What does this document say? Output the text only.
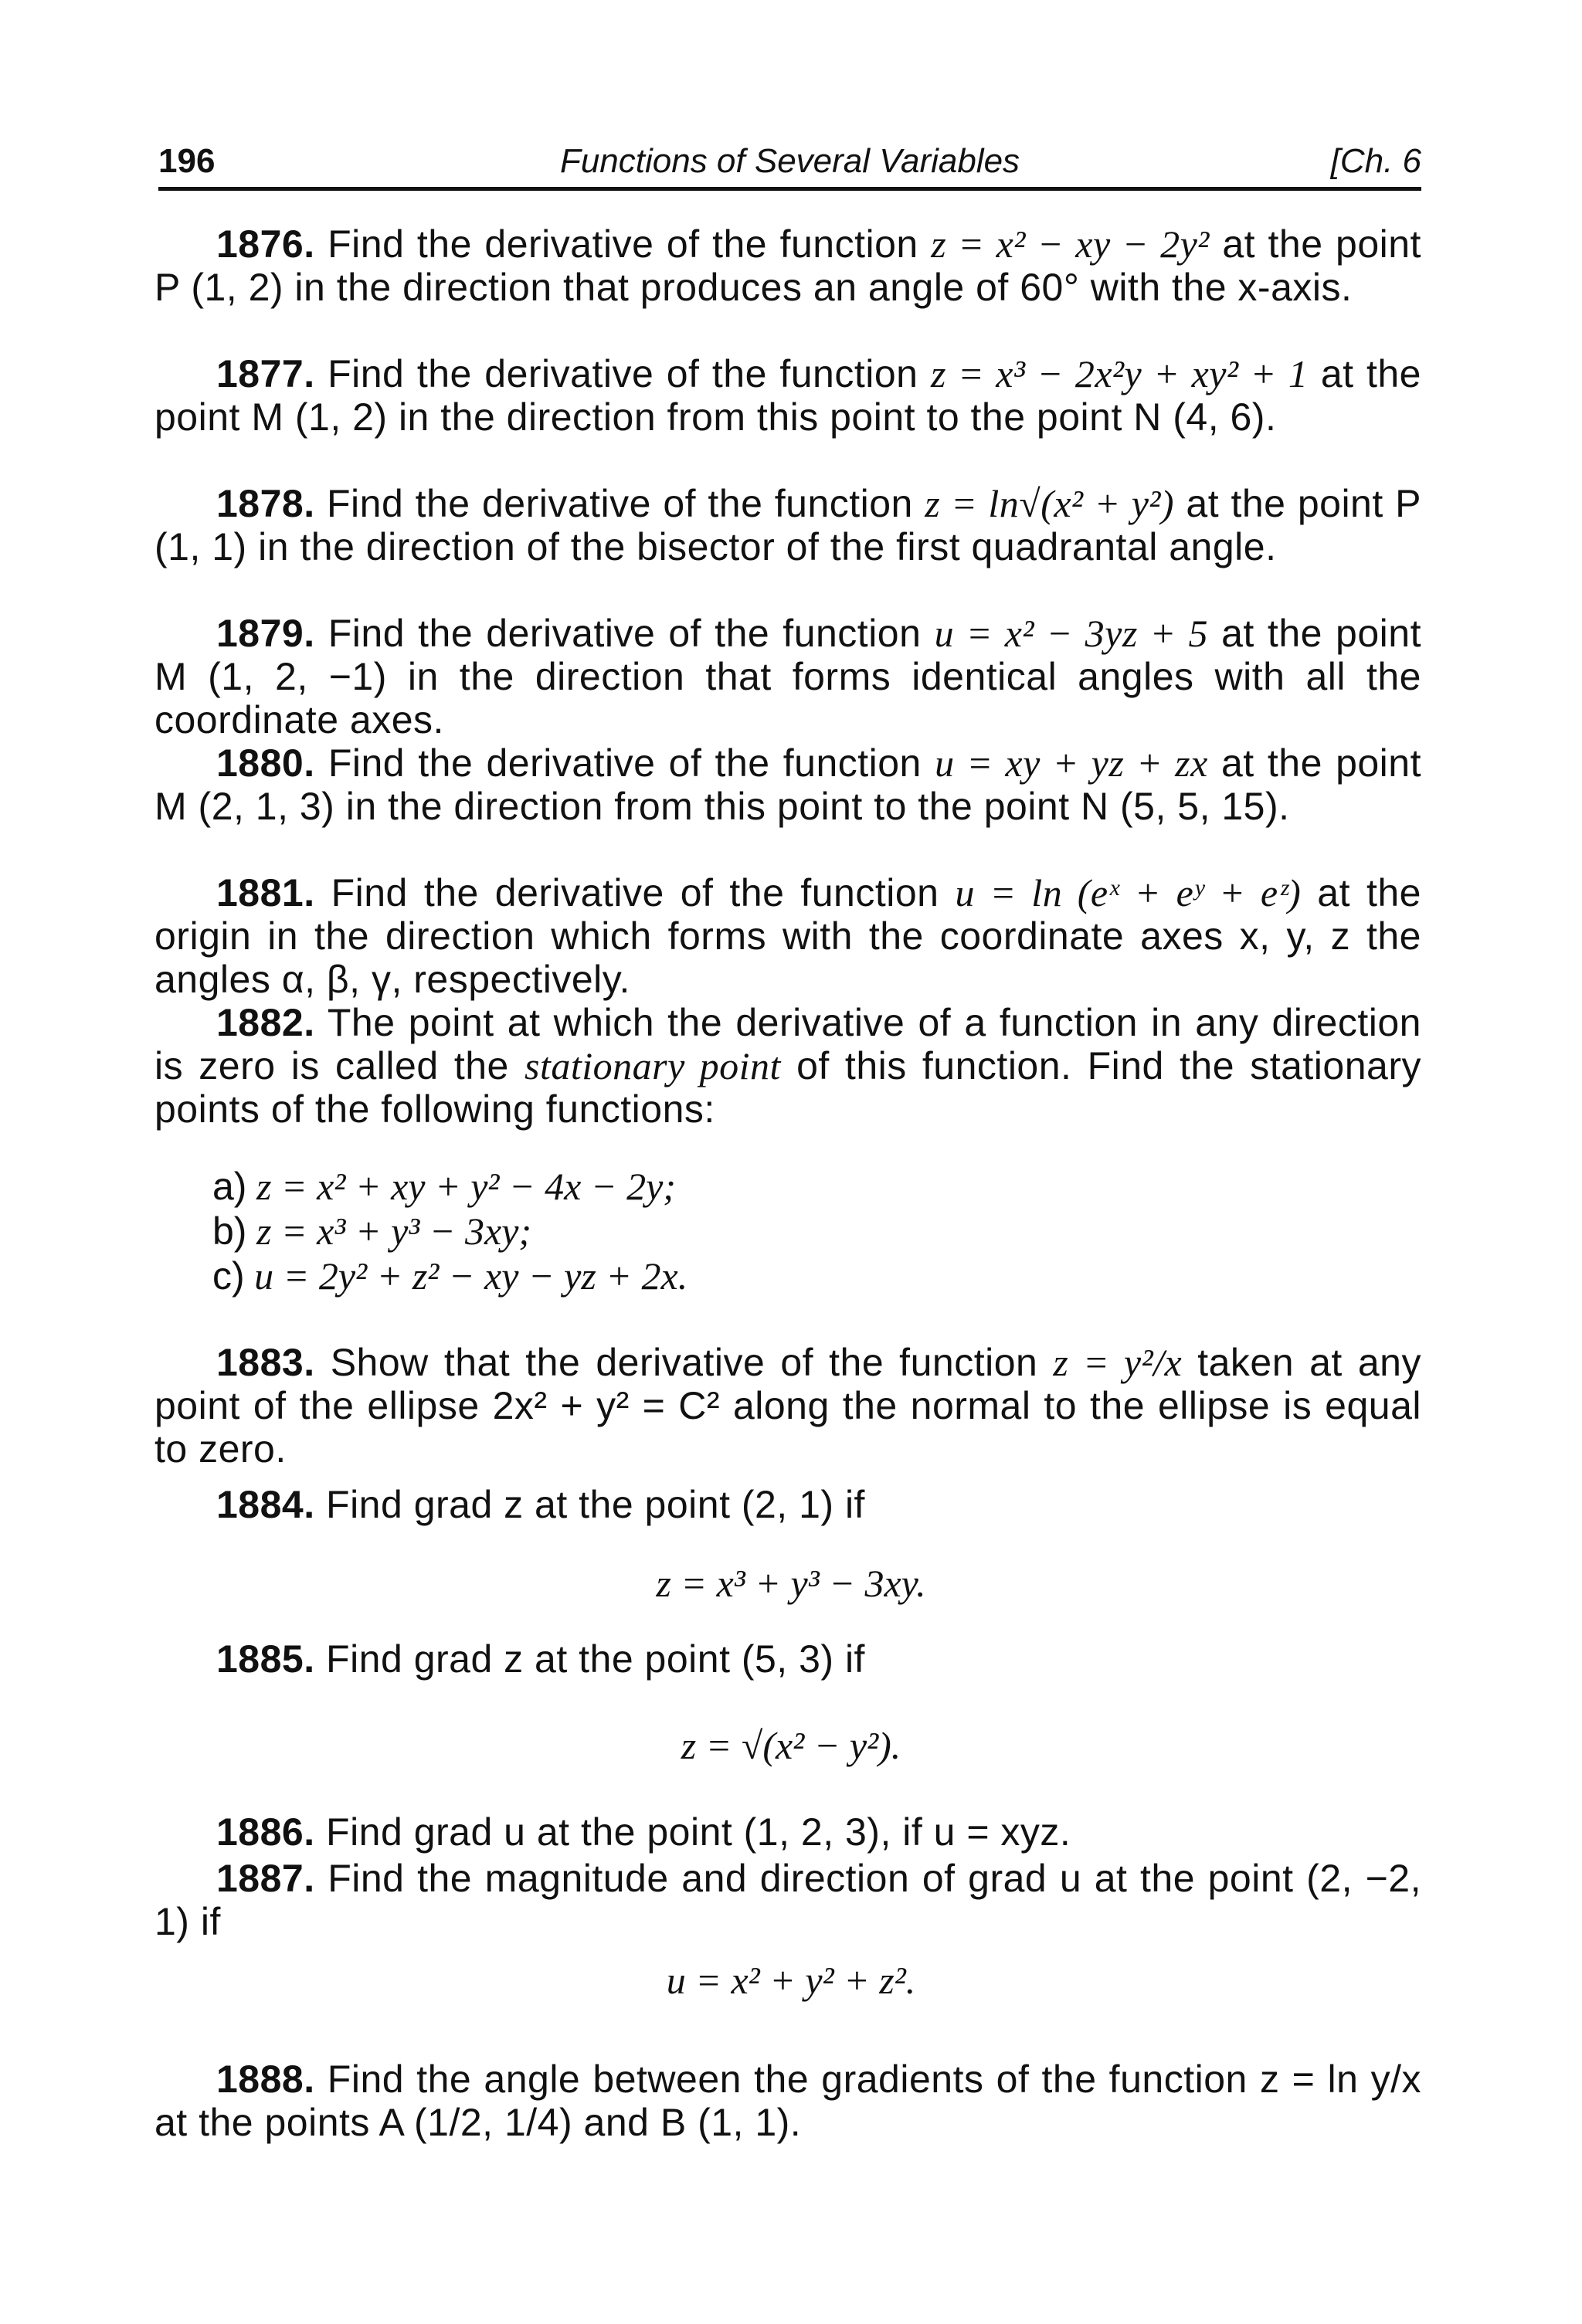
196	Functions of Several Variables	[Ch. 6
1876. Find the derivative of the function z = x² − xy − 2y² at the point P (1, 2) in the direction that produces an angle of 60° with the x-axis.
1877. Find the derivative of the function z = x³ − 2x²y + xy² + 1 at the point M (1, 2) in the direction from this point to the point N (4, 6).
1878. Find the derivative of the function z = ln√(x² + y²) at the point P (1, 1) in the direction of the bisector of the first quadrantal angle.
1879. Find the derivative of the function u = x² − 3yz + 5 at the point M (1, 2, −1) in the direction that forms identical angles with all the coordinate axes.
1880. Find the derivative of the function u = xy + yz + zx at the point M (2, 1, 3) in the direction from this point to the point N (5, 5, 15).
1881. Find the derivative of the function u = ln (eˣ + eʸ + eᶻ) at the origin in the direction which forms with the coordinate axes x, y, z the angles α, β, γ, respectively.
1882. The point at which the derivative of a function in any direction is zero is called the stationary point of this function. Find the stationary points of the following functions:
a) z = x² + xy + y² − 4x − 2y;
b) z = x³ + y³ − 3xy;
c) u = 2y² + z² − xy − yz + 2x.
1883. Show that the derivative of the function z = y²/x taken at any point of the ellipse 2x² + y² = C² along the normal to the ellipse is equal to zero.
1884. Find grad z at the point (2, 1) if
z = x³ + y³ − 3xy.
1885. Find grad z at the point (5, 3) if
z = √(x² − y²).
1886. Find grad u at the point (1, 2, 3), if u = xyz.
1887. Find the magnitude and direction of grad u at the point (2, −2, 1) if
u = x² + y² + z².
1888. Find the angle between the gradients of the function z = ln y/x at the points A (1/2, 1/4) and B (1, 1).
